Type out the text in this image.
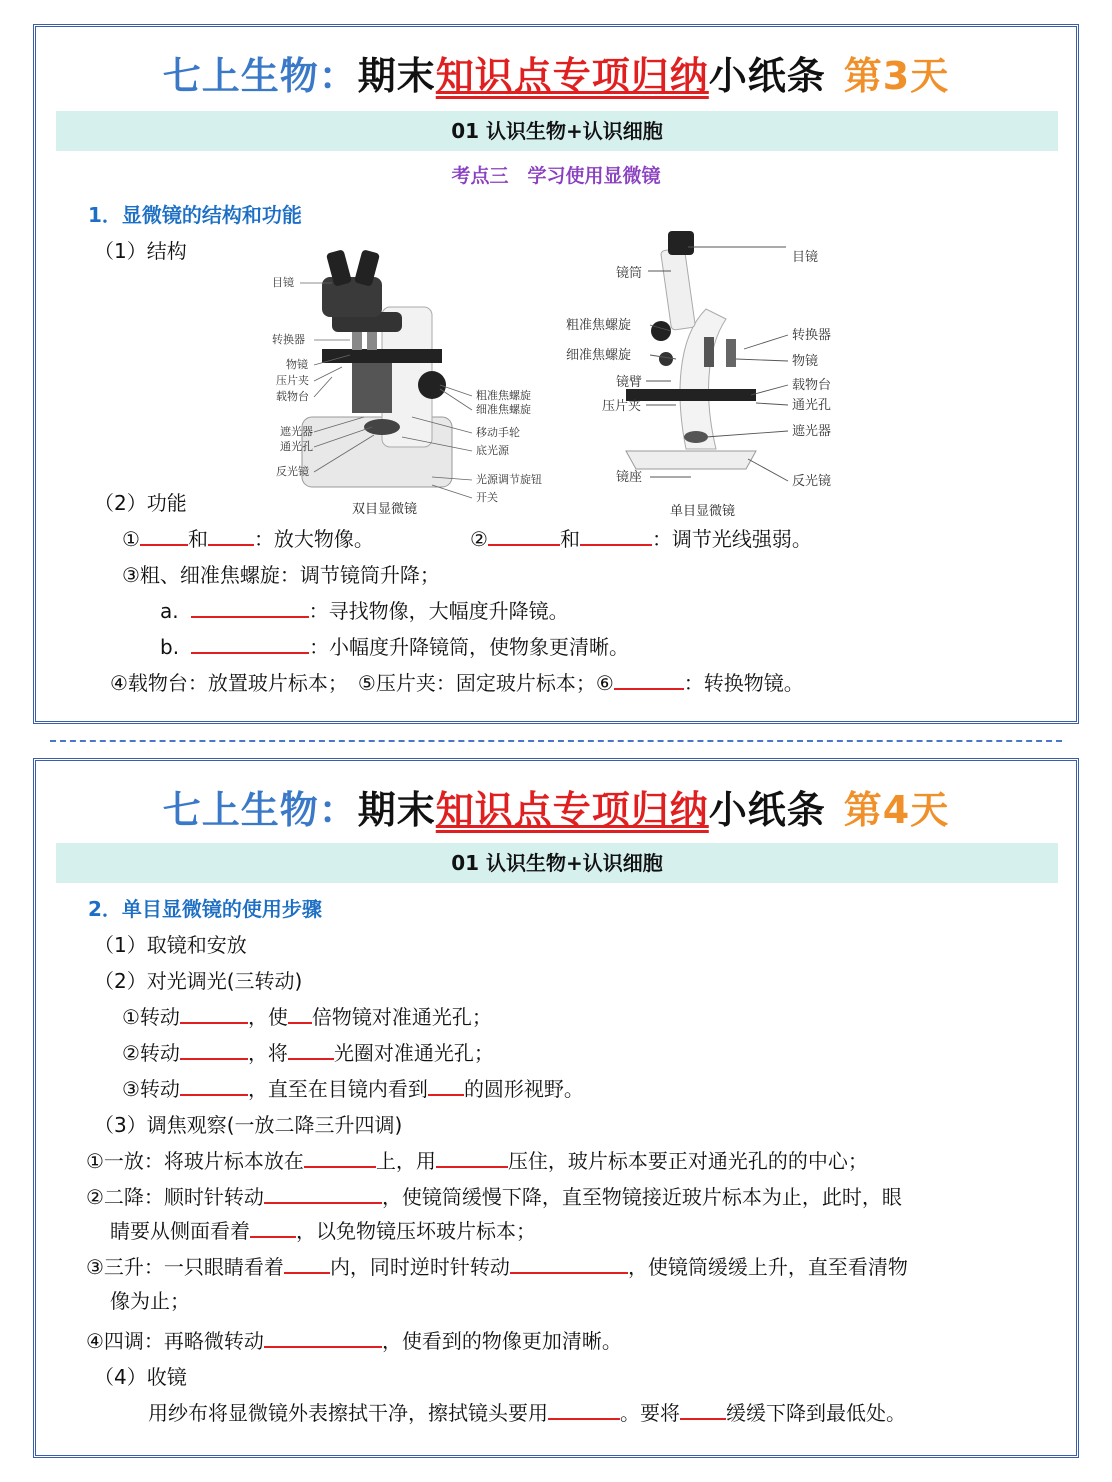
七上生物：期末知识点专项归纳小纸条 第3天
01 认识生物+认识细胞
考点三　学习使用显微镜
1．显微镜的结构和功能
（1）结构
目镜
转换器
物镜
压片夹
载物台
遮光器
通光孔
反光镜
粗准焦螺旋
细准焦螺旋
移动手轮
底光源
光源调节旋钮
开关
双目显微镜
镜筒
粗准焦螺旋
细准焦螺旋
镜臂
压片夹
镜座
目镜
转换器
物镜
载物台
通光孔
遮光器
反光镜
单目显微镜
（2）功能
① 和 ：放大物像。	②	和	：调节光线强弱。
③粗、细准焦螺旋：调节镜筒升降；
a.	：寻找物像，大幅度升降镜。
b.	：小幅度升降镜筒，使物象更清晰。
④载物台：放置玻片标本；　⑤压片夹：固定玻片标本；⑥	：转换物镜。
七上生物：期末知识点专项归纳小纸条 第4天
01 认识生物+认识细胞
2．单目显微镜的使用步骤
（1）取镜和安放
（2）对光调光(三转动)
①转动	，使 倍物镜对准通光孔；
②转动	，将 光圈对准通光孔；
③转动	，直至在目镜内看到 的圆形视野。
（3）调焦观察(一放二降三升四调)
①一放：将玻片标本放在	上，用	压住，玻片标本要正对通光孔的的中心；
②二降：顺时针转动	，使镜筒缓慢下降，直至物镜接近玻片标本为止，此时，眼
睛要从侧面看着 ，以免物镜压坏玻片标本；
③三升：一只眼睛看着 内，同时逆时针转动	，使镜筒缓缓上升，直至看清物
像为止；
④四调：再略微转动	，使看到的物像更加清晰。
（4）收镜
用纱布将显微镜外表擦拭干净，擦拭镜头要用	。要将 缓缓下降到最低处。
